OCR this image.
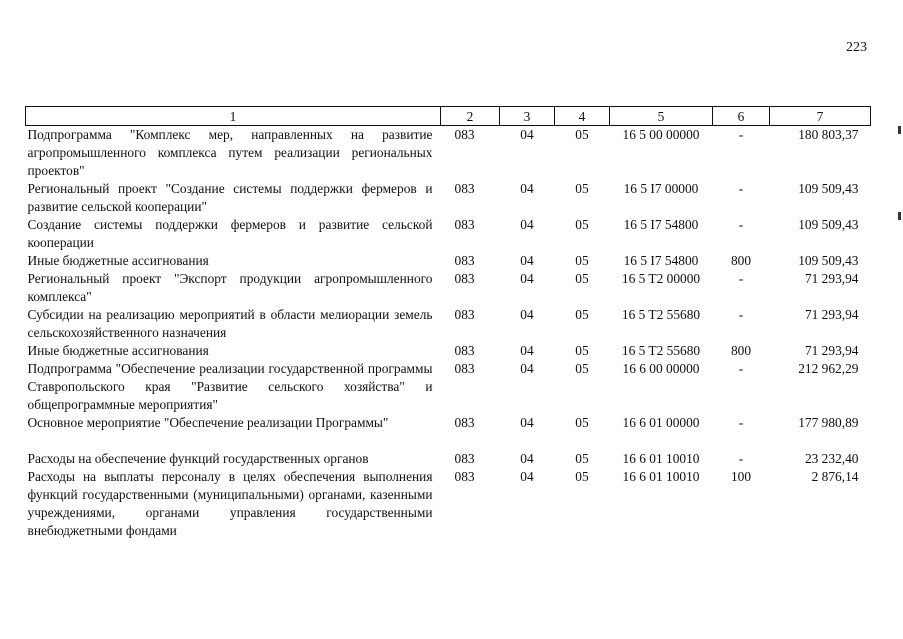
223
1	2	3	4	5	6	7
Подпрограмма "Комплекс мер, направленных на развитие агропромышленного комплекса путем реализации региональных проектов"	083	04	05	16 5 00 00000	-	180 803,37
Региональный проект "Создание системы поддержки фермеров и развитие сельской кооперации"	083	04	05	16 5 I7 00000	-	109 509,43
Создание системы поддержки фермеров и развитие сельской кооперации	083	04	05	16 5 I7 54800	-	109 509,43
Иные бюджетные ассигнования	083	04	05	16 5 I7 54800	800	109 509,43
Региональный проект "Экспорт продукции агропромышленного комплекса"	083	04	05	16 5 T2 00000	-	71 293,94
Субсидии на реализацию мероприятий в области мелиорации земель сельскохозяйственного назначения	083	04	05	16 5 T2 55680	-	71 293,94
Иные бюджетные ассигнования	083	04	05	16 5 T2 55680	800	71 293,94
Подпрограмма "Обеспечение реализации государственной программы Ставропольского края "Развитие сельского хозяйства" и общепрограммные мероприятия"	083	04	05	16 6 00 00000	-	212 962,29
Основное мероприятие "Обеспечение реализации Программы"	083	04	05	16 6 01 00000	-	177 980,89
Расходы на обеспечение функций государственных органов	083	04	05	16 6 01 10010	-	23 232,40
Расходы на выплаты персоналу в целях обеспечения выполнения функций государственными (муниципальными) органами, казенными учреждениями, органами управления государственными внебюджетными фондами	083	04	05	16 6 01 10010	100	2 876,14
